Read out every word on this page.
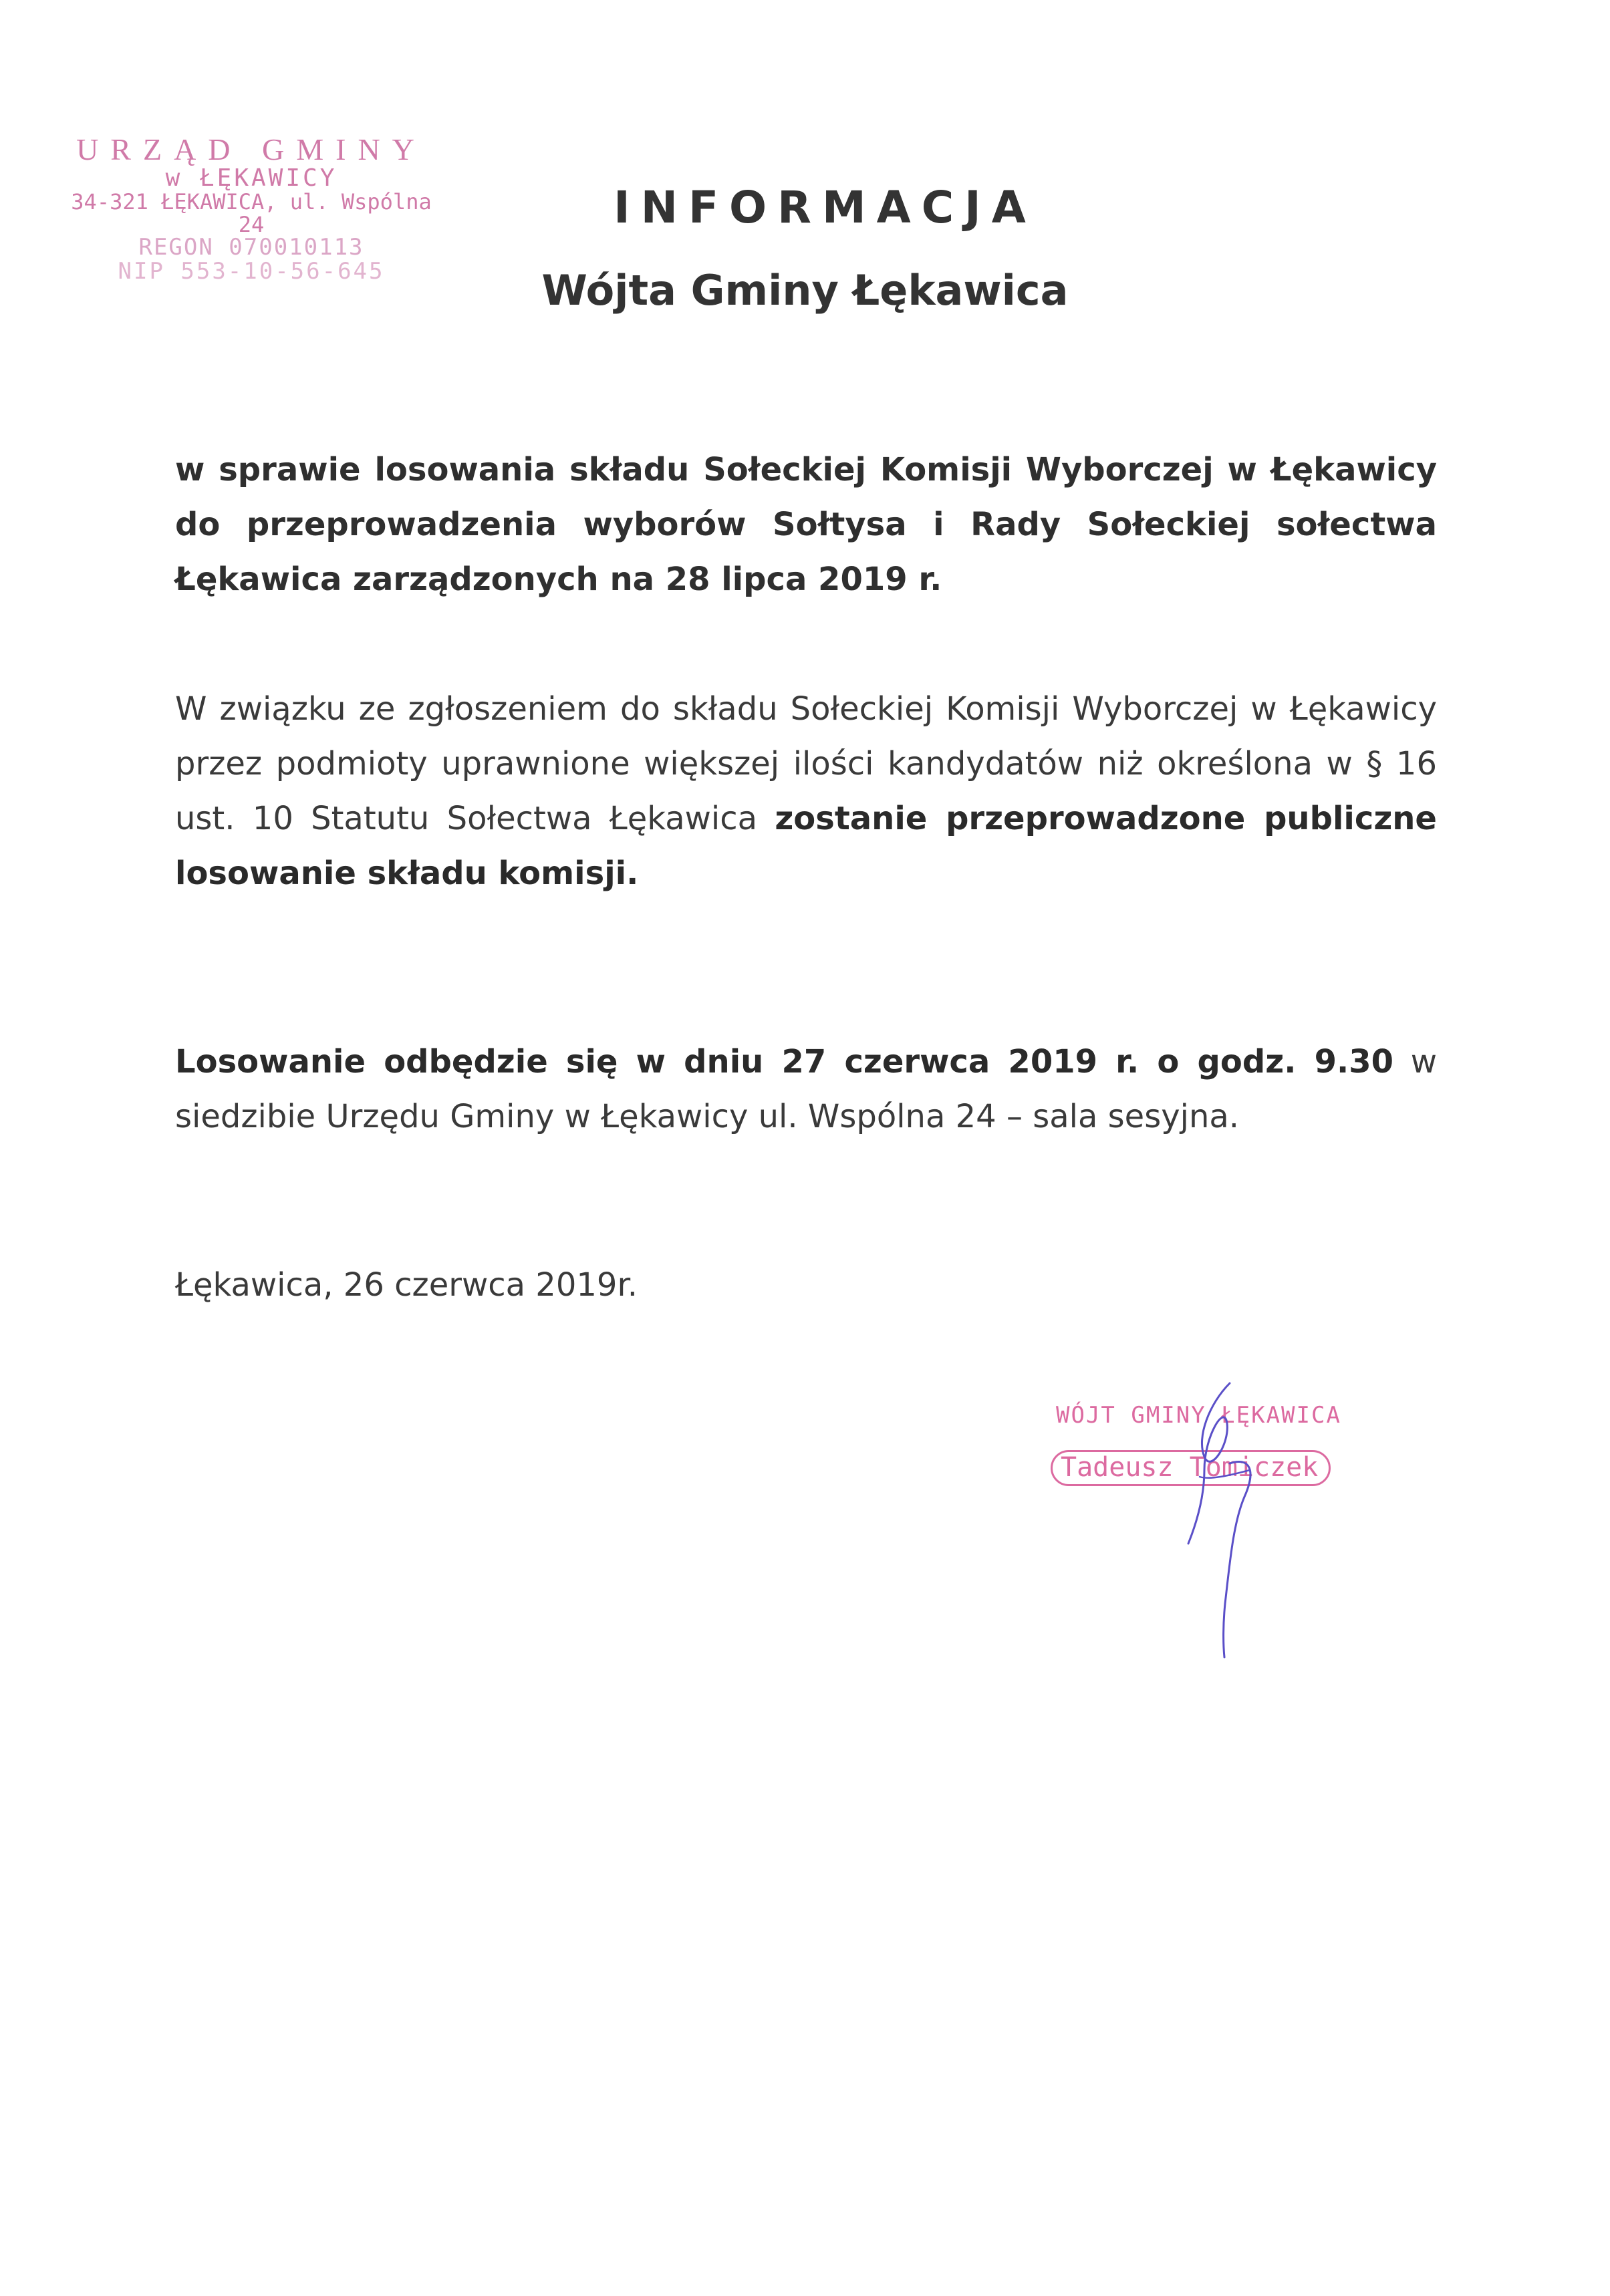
URZĄD GMINY
w ŁĘKAWICY
34-321 ŁĘKAWICA, ul. Wspólna 24
REGON 070010113
NIP 553-10-56-645
INFORMACJA
Wójta Gminy Łękawica
w sprawie losowania składu Sołeckiej Komisji Wyborczej w Łękawicy do przeprowadzenia wyborów Sołtysa i Rady Sołeckiej sołectwa Łękawica zarządzonych na 28 lipca 2019 r.
W związku ze zgłoszeniem do składu Sołeckiej Komisji Wyborczej w Łękawicy przez podmioty uprawnione większej ilości kandydatów niż określona w § 16 ust. 10 Statutu Sołectwa Łękawica zostanie przeprowadzone publiczne losowanie składu komisji.
Losowanie odbędzie się w dniu 27 czerwca 2019 r. o godz. 9.30 w siedzibie Urzędu Gminy w Łękawicy ul. Wspólna 24 – sala sesyjna.
Łękawica, 26 czerwca 2019r.
WÓJT GMINY ŁĘKAWICA
Tadeusz Tomiczek
